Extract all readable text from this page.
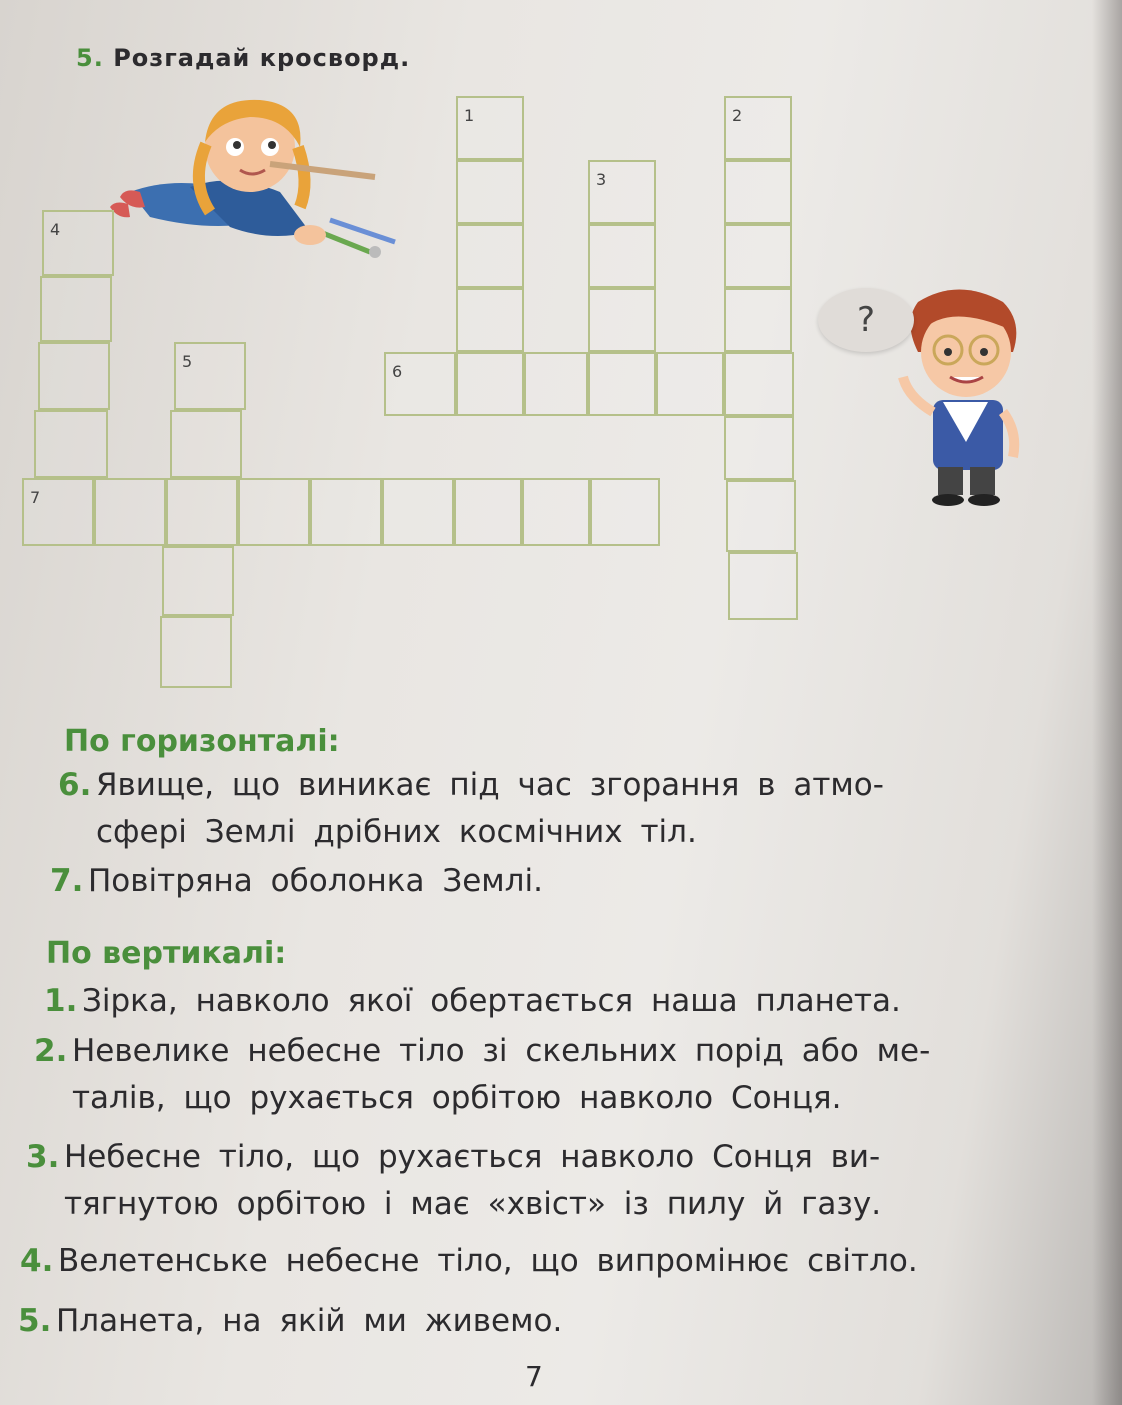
5. Розгадай кросворд.
?
1	2
3
6
4
7
5
По горизонталі:
6. Явище, що виникає під час згорання в атмо-
сфері Землі дрібних космічних тіл.
7. Повітряна оболонка Землі.
По вертикалі:
1. Зірка, навколо якої обертається наша планета.
2. Невелике небесне тіло зі скельних порід або ме-
талів, що рухається орбітою навколо Сонця.
3. Небесне тіло, що рухається навколо Сонця ви-
тягнутою орбітою і має «хвіст» із пилу й газу.
4. Велетенське небесне тіло, що випромінює світло.
5. Планета, на якій ми живемо.
7
